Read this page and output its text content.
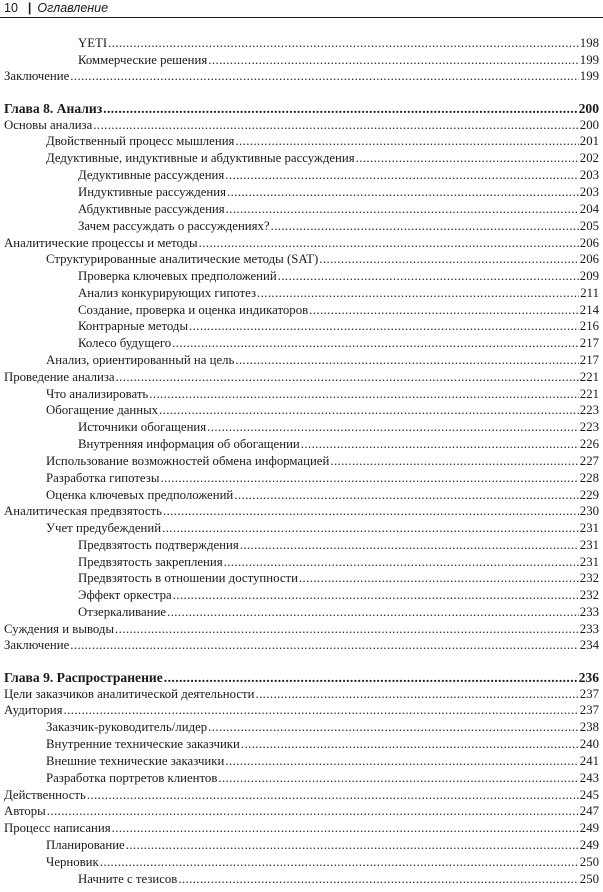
10 | Оглавление
YETI .....	198
Коммерческие решения .....	199
Заключение .....	199
Глава 8. Анализ .....	200
Основы анализа .....	200
Двойственный процесс мышления .....	201
Дедуктивные, индуктивные и абдуктивные рассуждения .....	202
Дедуктивные рассуждения .....	203
Индуктивные рассуждения .....	203
Абдуктивные рассуждения .....	204
Зачем рассуждать о рассуждениях? .....	205
Аналитические процессы и методы .....	206
Структурированные аналитические методы (SAT) .....	206
Проверка ключевых предположений .....	209
Анализ конкурирующих гипотез .....	211
Создание, проверка и оценка индикаторов .....	214
Контрарные методы .....	216
Колесо будущего .....	217
Анализ, ориентированный на цель .....	217
Проведение анализа .....	221
Что анализировать .....	221
Обогащение данных .....	223
Источники обогащения .....	223
Внутренняя информация об обогащении .....	226
Использование возможностей обмена информацией .....	227
Разработка гипотезы .....	228
Оценка ключевых предположений .....	229
Аналитическая предвзятость .....	230
Учет предубеждений .....	231
Предвзятость подтверждения .....	231
Предвзятость закрепления .....	231
Предвзятость в отношении доступности .....	232
Эффект оркестра .....	232
Отзеркаливание .....	233
Суждения и выводы .....	233
Заключение .....	234
Глава 9. Распространение .....	236
Цели заказчиков аналитической деятельности .....	237
Аудитория .....	237
Заказчик-руководитель/лидер .....	238
Внутренние технические заказчики .....	240
Внешние технические заказчики .....	241
Разработка портретов клиентов .....	243
Действенность .....	245
Авторы .....	247
Процесс написания .....	249
Планирование .....	249
Черновик .....	250
Начните с тезисов .....	250
